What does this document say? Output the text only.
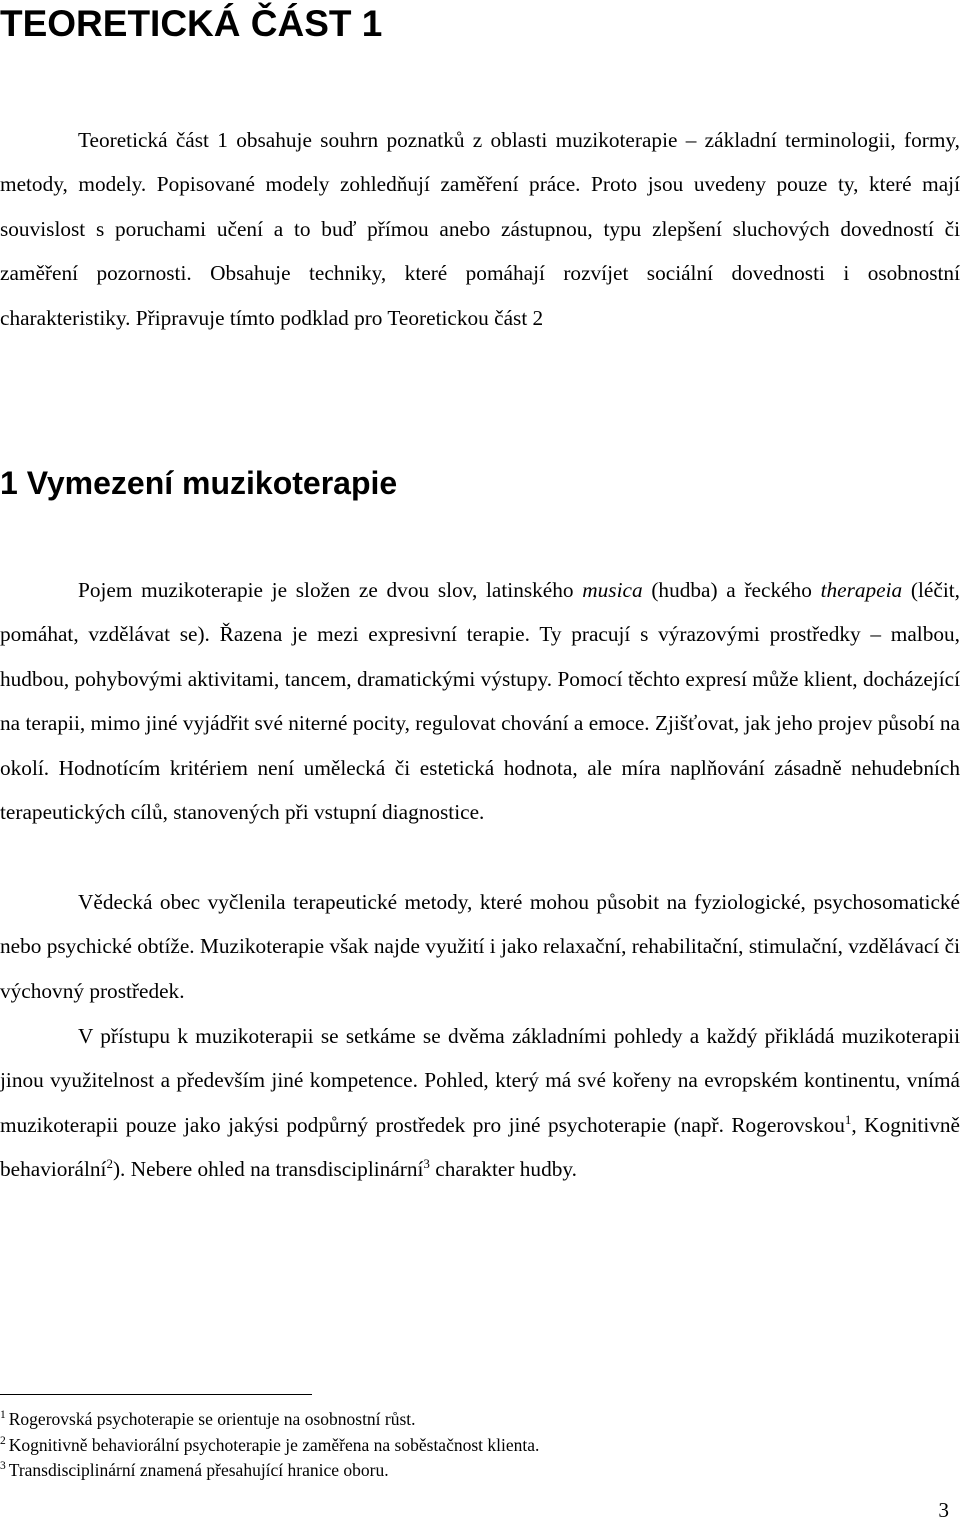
TEORETICKÁ ČÁST 1

Teoretická část 1 obsahuje souhrn poznatků z oblasti muzikoterapie – základní terminologii, formy, metody, modely. Popisované modely zohledňují zaměření práce. Proto jsou uvedeny pouze ty, které mají souvislost s poruchami učení a to buď přímou anebo zástupnou, typu zlepšení sluchových dovedností či zaměření pozornosti. Obsahuje techniky, které pomáhají rozvíjet sociální dovednosti i osobnostní charakteristiky. Připravuje tímto podklad pro Teoretickou část 2

1 Vymezení muzikoterapie

Pojem muzikoterapie je složen ze dvou slov, latinského musica (hudba) a řeckého therapeia (léčit, pomáhat, vzdělávat se). Řazena je mezi expresivní terapie. Ty pracují s výrazovými prostředky – malbou, hudbou, pohybovými aktivitami, tancem, dramatickými výstupy. Pomocí těchto expresí může klient, docházející na terapii, mimo jiné vyjádřit své niterné pocity, regulovat chování a emoce. Zjišťovat, jak jeho projev působí na okolí. Hodnotícím kritériem není umělecká či estetická hodnota, ale míra naplňování zásadně nehudebních terapeutických cílů, stanovených při vstupní diagnostice.

Vědecká obec vyčlenila terapeutické metody, které mohou působit na fyziologické, psychosomatické nebo psychické obtíže. Muzikoterapie však najde využití i jako relaxační, rehabilitační, stimulační, vzdělávací či výchovný prostředek.

V přístupu k muzikoterapii se setkáme se dvěma základními pohledy a každý přikládá muzikoterapii jinou využitelnost a především jiné kompetence. Pohled, který má své kořeny na evropském kontinentu, vnímá muzikoterapii pouze jako jakýsi podpůrný prostředek pro jiné psychoterapie (např. Rogerovskou$^1$, Kognitivně behaviorální$^2$). Nebere ohled na transdisciplinární$^3$ charakter hudby.

$^1$ Rogerovská psychoterapie se orientuje na osobnostní růst.

$^2$ Kognitivně behaviorální psychoterapie je zaměřena na soběstačnost klienta.

$^3$ Transdisciplinární znamená přesahující hranice oboru.

3
